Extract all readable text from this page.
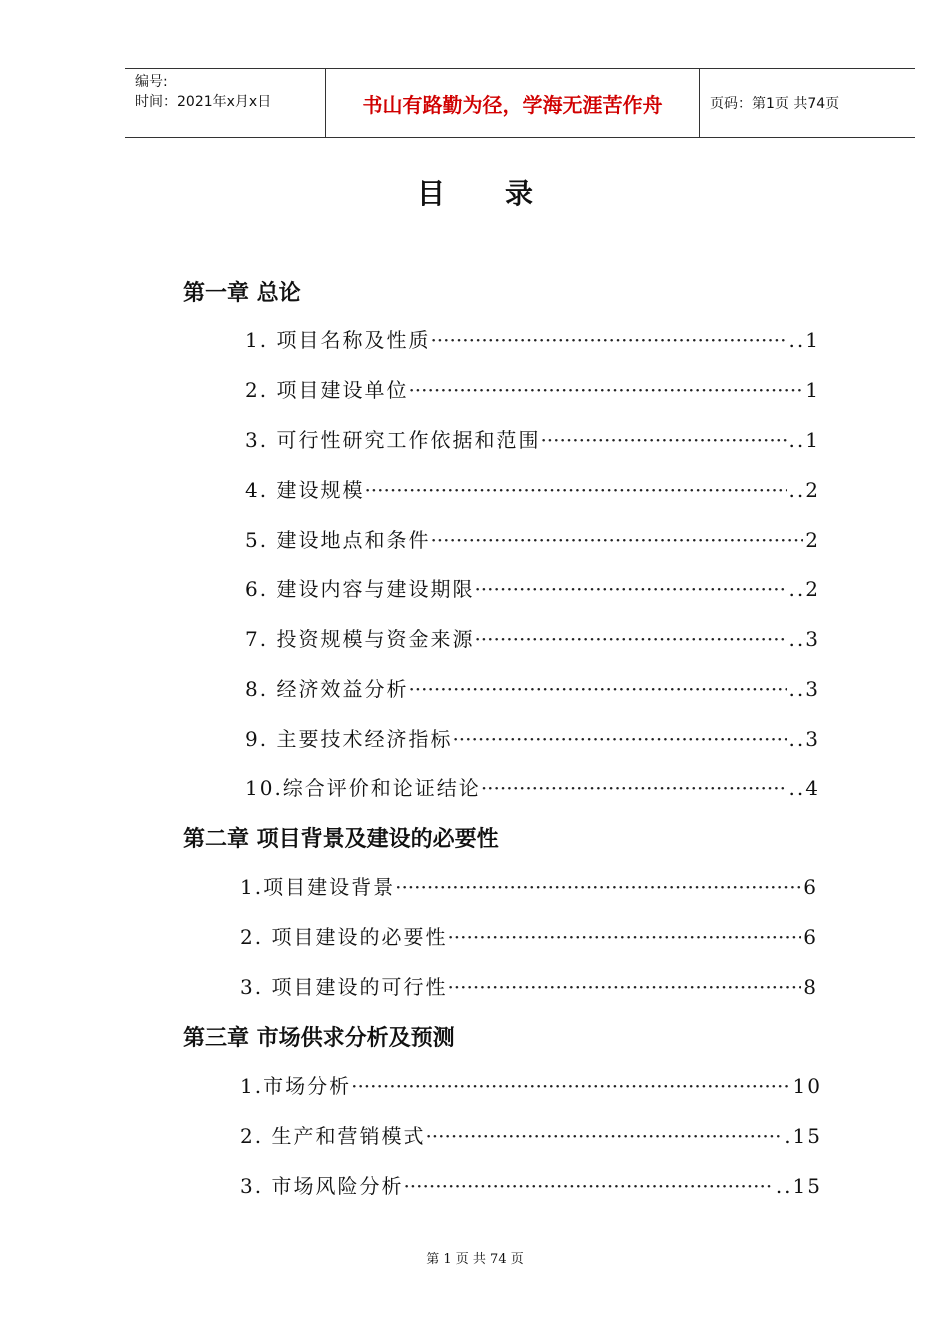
编号:
时间：2021年x月x日	书山有路勤为径，学海无涯苦作舟	页码：第1页 共74页
目录
第一章 总论
1. 项目名称及性质 ·····	..1
2. 项目建设单位 ·····	1
3. 可行性研究工作依据和范围 ·····	..1
4. 建设规模 ·····	..2
5. 建设地点和条件 ·····	2
6. 建设内容与建设期限 ·····	..2
7. 投资规模与资金来源 ·····	..3
8. 经济效益分析 ·····	..3
9. 主要技术经济指标 ·····	..3
10.综合评价和论证结论 ·····	..4
第二章 项目背景及建设的必要性
1.项目建设背景 ·····	6
2. 项目建设的必要性 ·····	6
3. 项目建设的可行性 ·····	8
第三章 市场供求分析及预测
1.市场分析 ·····	10
2. 生产和营销模式 ·····	.15
3. 市场风险分析 ·····	..15
第 1 页 共 74 页
